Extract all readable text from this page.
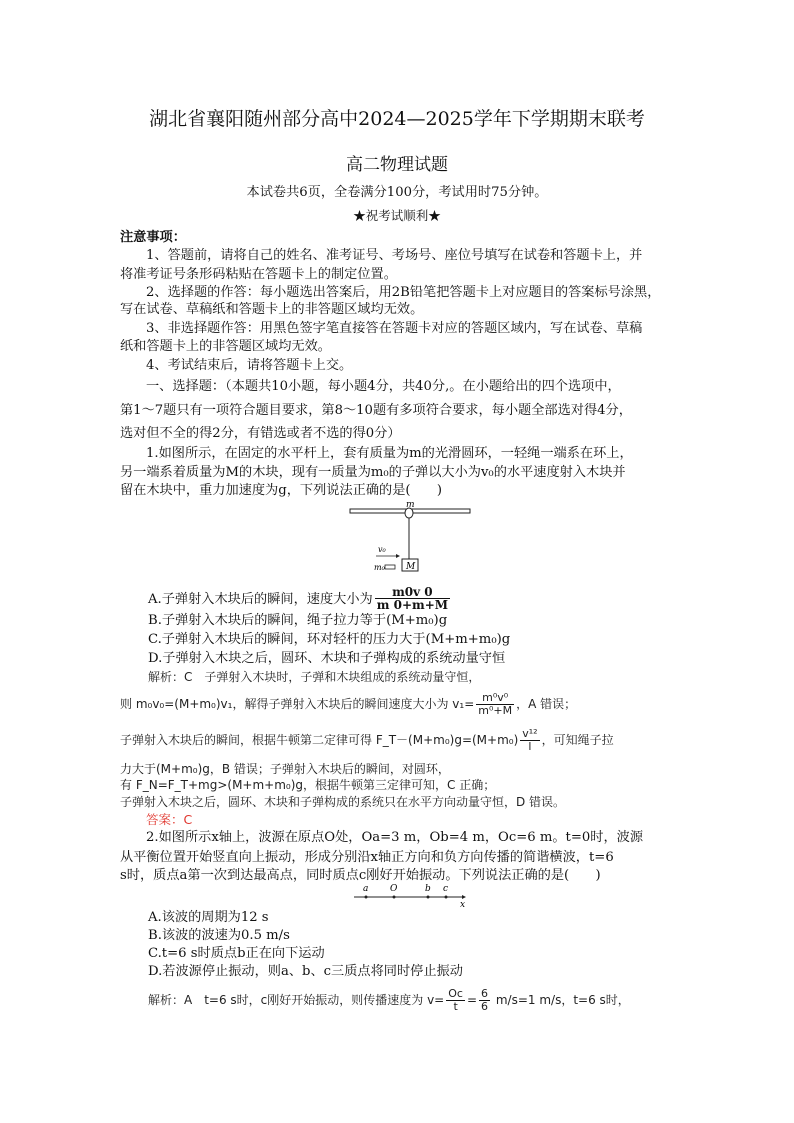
湖北省襄阳随州部分高中2024—2025学年下学期期末联考
高二物理试题
本试卷共6页，全卷满分100分，考试用时75分钟。
★祝考试顺利★
注意事项：
1、答题前，请将自己的姓名、准考证号、考场号、座位号填写在试卷和答题卡上，并
将准考证号条形码粘贴在答题卡上的制定位置。
2、选择题的作答：每小题选出答案后，用2B铅笔把答题卡上对应题目的答案标号涂黑，
写在试卷、草稿纸和答题卡上的非答题区域均无效。
3、非选择题作答：用黑色签字笔直接答在答题卡对应的答题区域内，写在试卷、草稿
纸和答题卡上的非答题区域均无效。
4、考试结束后，请将答题卡上交。
一、选择题：（本题共10小题，每小题4分，共40分,。在小题给出的四个选项中，
第1～7题只有一项符合题目要求，第8～10题有多项符合要求，每小题全部选对得4分，
选对但不全的得2分，有错选或者不选的得0分）
1.如图所示，在固定的水平杆上，套有质量为m的光滑圆环，一轻绳一端系在环上，
另一端系着质量为M的木块，现有一质量为m₀的子弹以大小为v₀的水平速度射入木块并
留在木块中，重力加速度为g，下列说法正确的是(　　)
m
M
v₀
m₀
A.子弹射入木块后的瞬间，速度大小为 $\frac{m0v 0}{m 0+m+M}$
B.子弹射入木块后的瞬间，绳子拉力等于(M+m₀)g
C.子弹射入木块后的瞬间，环对轻杆的压力大于(M+m+m₀)g
D.子弹射入木块之后，圆环、木块和子弹构成的系统动量守恒
解析：C　子弹射入木块时，子弹和木块组成的系统动量守恒，
则 m₀v₀=(M+m₀)v₁，解得子弹射入木块后的瞬间速度大小为 $v_1= \frac{\text{m⁰v⁰}}{\text{m⁰+M}}$ ，A 错误；
子弹射入木块后的瞬间，根据牛顿第二定律可得 F_T－(M+m₀)g=(M+m₀) $\frac{\text{v¹²}}{l}$ ，可知绳子拉
力大于(M+m₀)g，B 错误；子弹射入木块后的瞬间，对圆环，
有 F_N=F_T+mg>(M+m+m₀)g，根据牛顿第三定律可知，C 正确；
子弹射入木块之后，圆环、木块和子弹构成的系统只在水平方向动量守恒，D 错误。
答案：C
2.如图所示x轴上，波源在原点O处，Oa=3 m，Ob=4 m，Oc=6 m。t=0时，波源
从平衡位置开始竖直向上振动，形成分别沿x轴正方向和负方向传播的简谐横波，t=6
s时，质点a第一次到达最高点，同时质点c刚好开始振动。下列说法正确的是(　　)
x
a O	b c
A.该波的周期为12 s
B.该波的波速为0.5 m/s
C.t=6 s时质点b正在向下运动
D.若波源停止振动，则a、b、c三质点将同时停止振动
解析：A　t=6 s时，c刚好开始振动，则传播速度为 $v= \frac{Oc}{t} = \frac{6}{6} m/s=1$ m/s，t=6 s时，
